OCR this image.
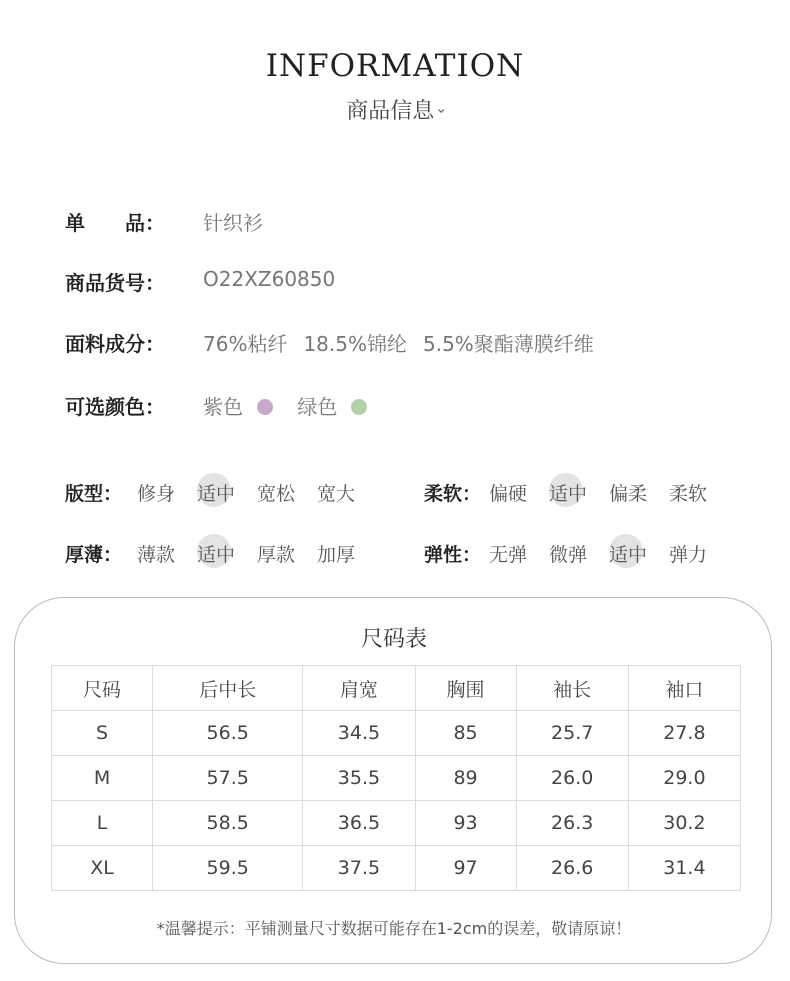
INFORMATION
商品信息›
单　　品： 针织衫
商品货号： O22XZ60850
面料成分： 76%粘纤 18.5%锦纶 5.5%聚酯薄膜纤维
可选颜色： 紫色	绿色
版型： 修身 适中 宽松 宽大	柔软： 偏硬 适中 偏柔 柔软
厚薄： 薄款 适中 厚款 加厚	弹性： 无弹 微弹 适中 弹力
尺码表
尺码	后中长	肩宽	胸围	袖长	袖口
S	56.5	34.5	85	25.7	27.8
M	57.5	35.5	89	26.0	29.0
L	58.5	36.5	93	26.3	30.2
XL	59.5	37.5	97	26.6	31.4
*温馨提示：平铺测量尺寸数据可能存在1-2cm的误差，敬请原谅！
